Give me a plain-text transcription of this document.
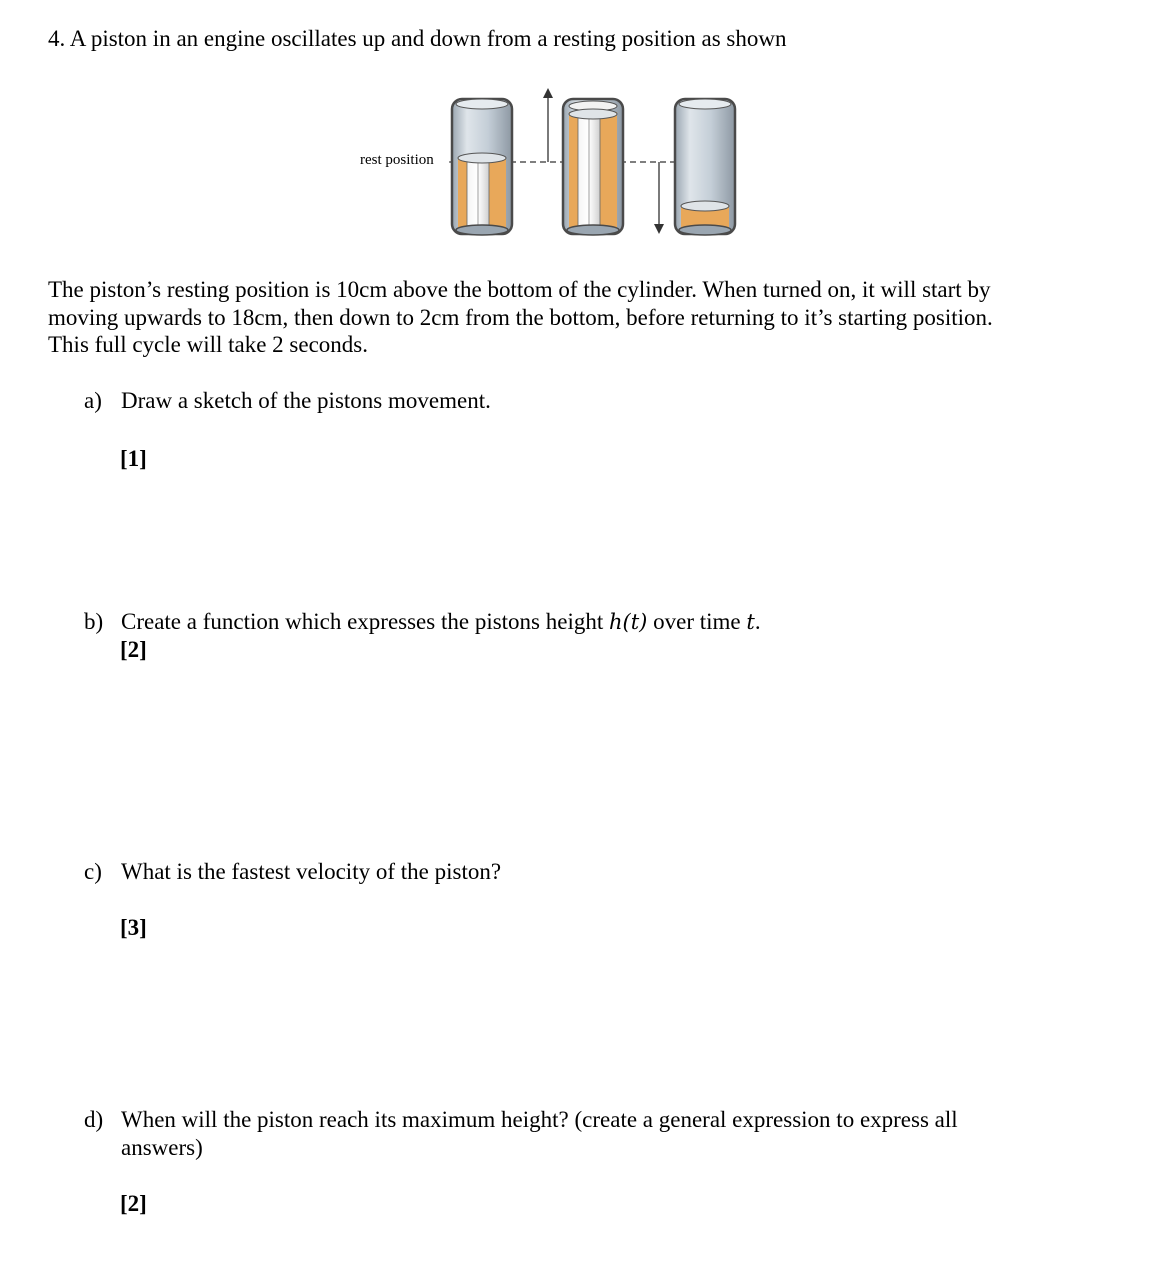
4. A piston in an engine oscillates up and down from a resting position as shown
rest position
The piston’s resting position is 10cm above the bottom of the cylinder. When turned on, it will start by
moving upwards to 18cm, then down to 2cm from the bottom, before returning to it’s starting position.
This full cycle will take 2 seconds.
a) Draw a sketch of the pistons movement.
[1]
b) Create a function which expresses the pistons height h(t) over time t.
[2]
c) What is the fastest velocity of the piston?
[3]
d) When will the piston reach its maximum height? (create a general expression to express all
answers)
[2]
